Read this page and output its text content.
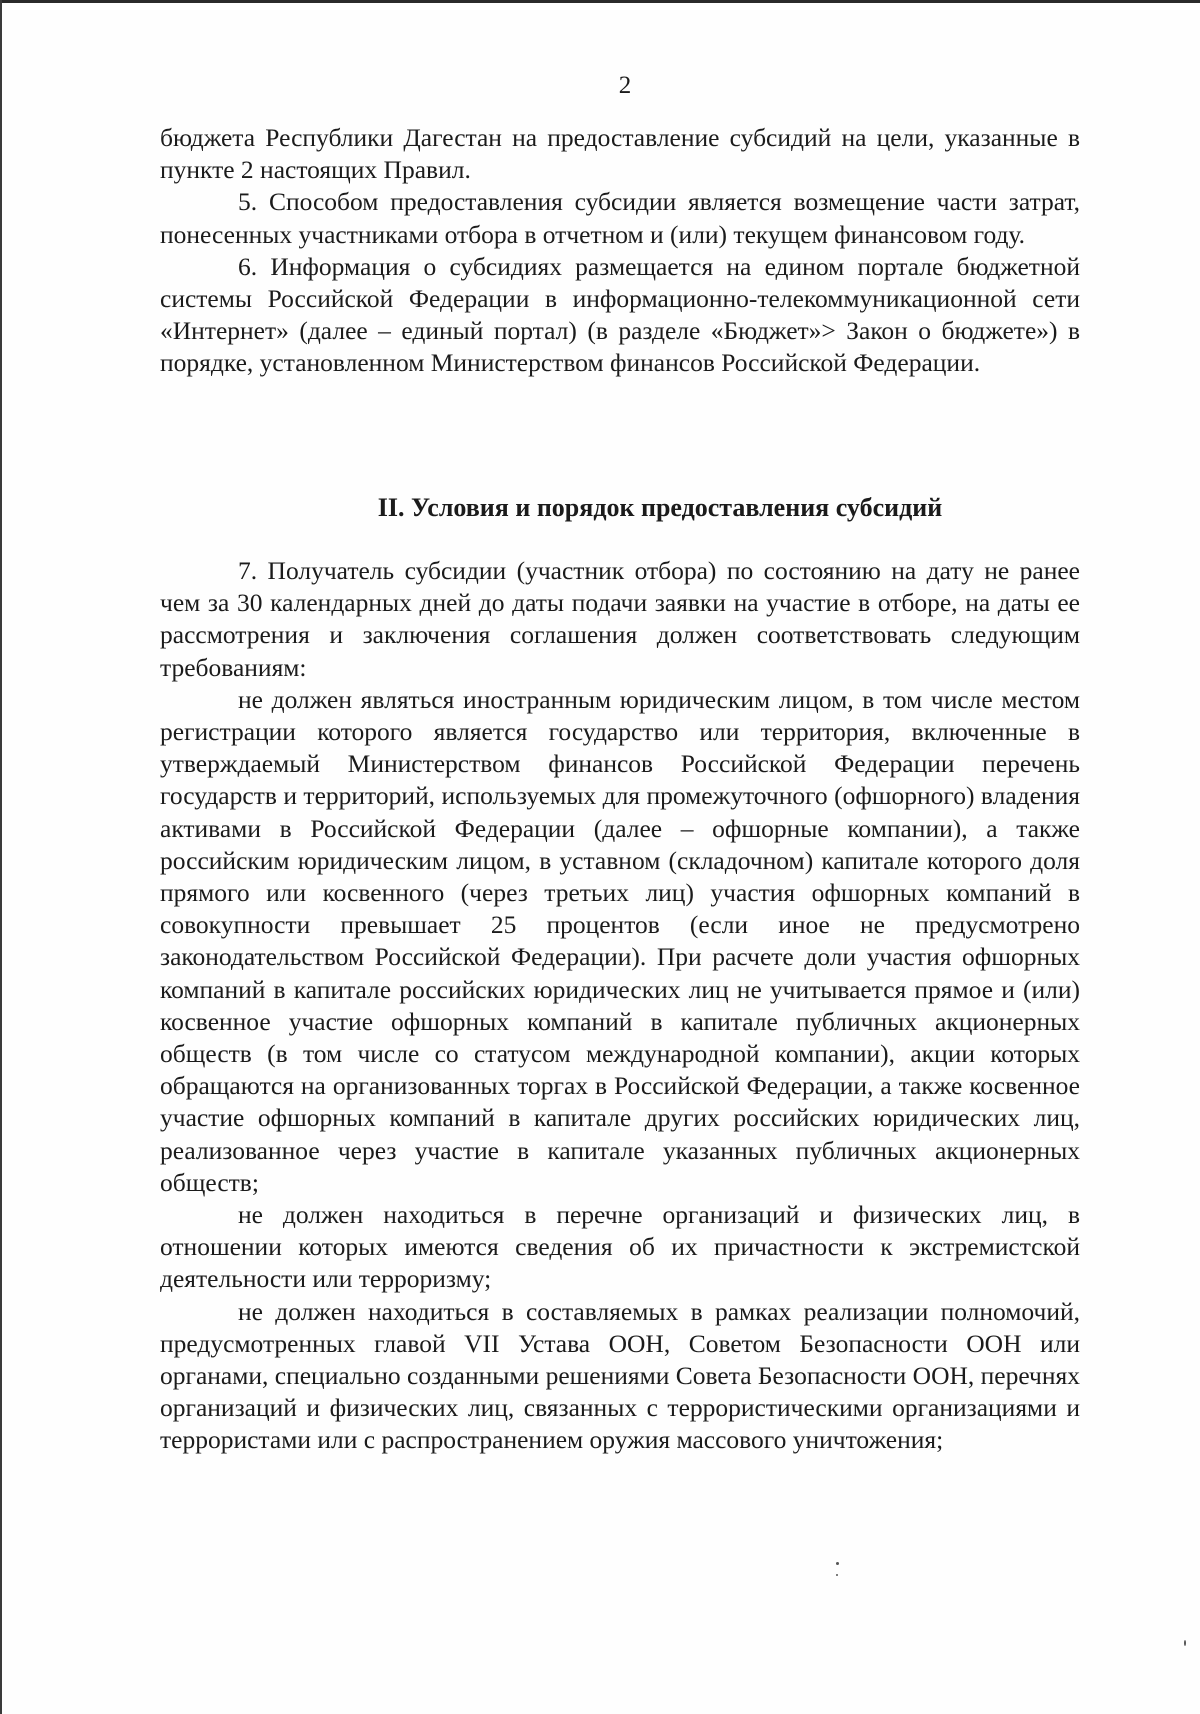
2

бюджета Республики Дагестан на предоставление субсидий на цели, указанные в пункте 2 настоящих Правил.

5. Способом предоставления субсидии является возмещение части затрат, понесенных участниками отбора в отчетном и (или) текущем финансовом году.

6. Информация о субсидиях размещается на едином портале бюджетной системы Российской Федерации в информационно-телекоммуникационной сети «Интернет» (далее – единый портал) (в разделе «Бюджет»> Закон о бюджете») в порядке, установленном Министерством финансов Российской Федерации.

II. Условия и порядок предоставления субсидий

7. Получатель субсидии (участник отбора) по состоянию на дату не ранее чем за 30 календарных дней до даты подачи заявки на участие в отборе, на даты ее рассмотрения и заключения соглашения должен соответствовать следующим требованиям:

не должен являться иностранным юридическим лицом, в том числе местом регистрации которого является государство или территория, включенные в утверждаемый Министерством финансов Российской Федерации перечень государств и территорий, используемых для промежуточного (офшорного) владения активами в Российской Федерации (далее – офшорные компании), а также российским юридическим лицом, в уставном (складочном) капитале которого доля прямого или косвенного (через третьих лиц) участия офшорных компаний в совокупности превышает 25 процентов (если иное не предусмотрено законодательством Российской Федерации). При расчете доли участия офшорных компаний в капитале российских юридических лиц не учитывается прямое и (или) косвенное участие офшорных компаний в капитале публичных акционерных обществ (в том числе со статусом международной компании), акции которых обращаются на организованных торгах в Российской Федерации, а также косвенное участие офшорных компаний в капитале других российских юридических лиц, реализованное через участие в капитале указанных публичных акционерных обществ;

не должен находиться в перечне организаций и физических лиц, в отношении которых имеются сведения об их причастности к экстремистской деятельности или терроризму;

не должен находиться в составляемых в рамках реализации полномочий, предусмотренных главой VII Устава ООН, Советом Безопасности ООН или органами, специально созданными решениями Совета Безопасности ООН, перечнях организаций и физических лиц, связанных с террористическими организациями и террористами или с распространением оружия массового уничтожения;
